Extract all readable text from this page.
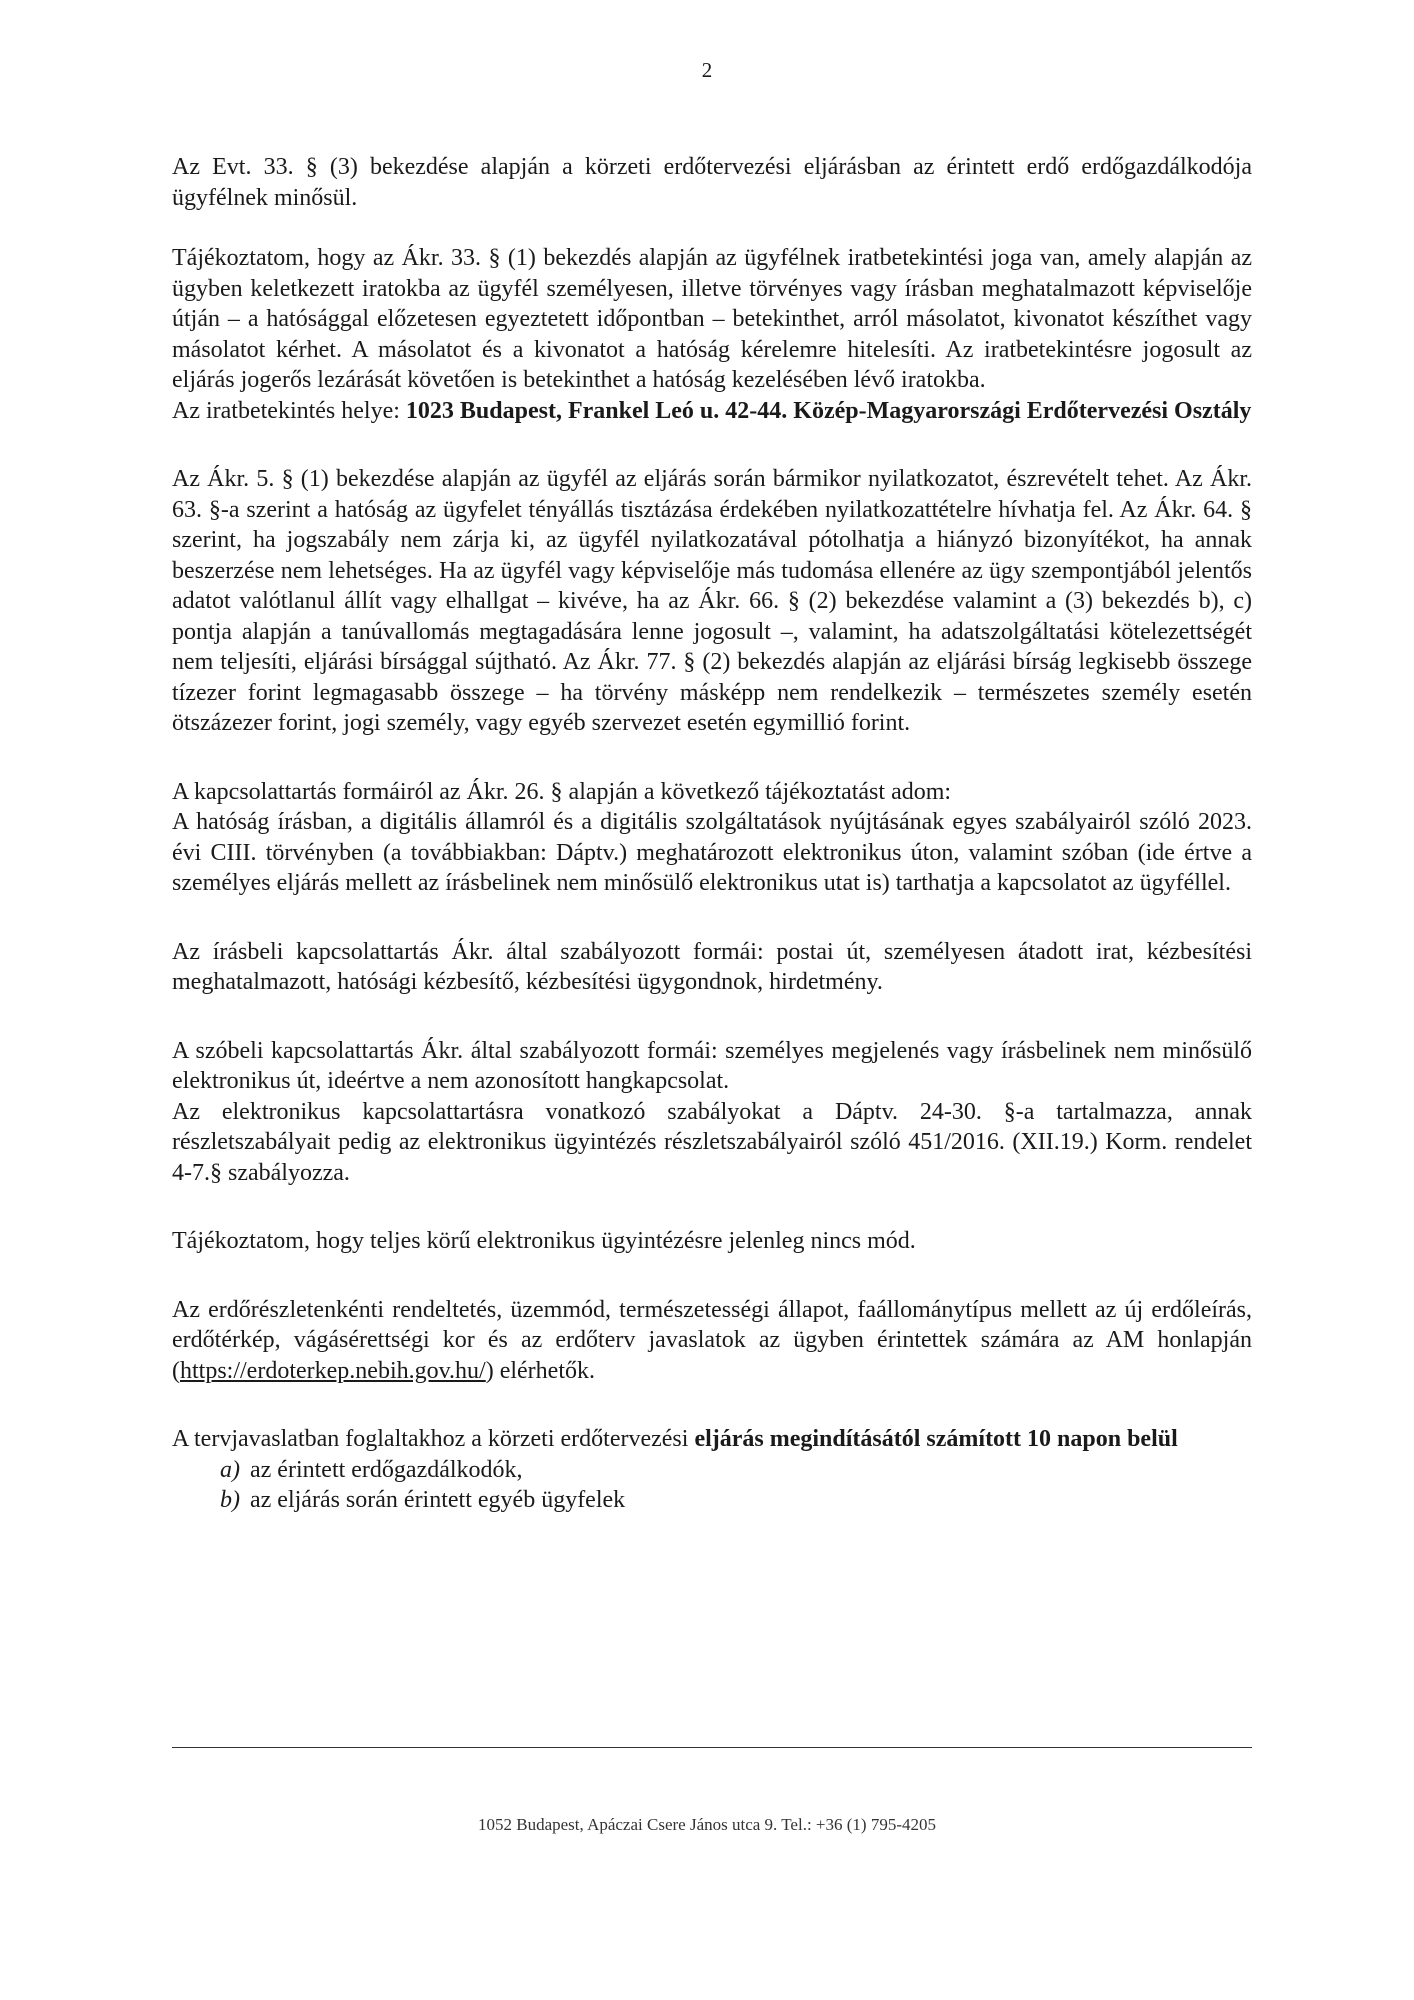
2

Az Evt. 33. § (3) bekezdése alapján a körzeti erdőtervezési eljárásban az érintett erdő erdőgazdálkodója ügyfélnek minősül.

Tájékoztatom, hogy az Ákr. 33. § (1) bekezdés alapján az ügyfélnek iratbetekintési joga van, amely alapján az ügyben keletkezett iratokba az ügyfél személyesen, illetve törvényes vagy írásban meghatalmazott képviselője útján – a hatósággal előzetesen egyeztetett időpontban – betekinthet, arról másolatot, kivonatot készíthet vagy másolatot kérhet. A másolatot és a kivonatot a hatóság kérelemre hitelesíti. Az iratbetekintésre jogosult az eljárás jogerős lezárását követően is betekinthet a hatóság kezelésében lévő iratokba.

Az iratbetekintés helye: 1023 Budapest, Frankel Leó u. 42-44. Közép-Magyarországi Erdőtervezési Osztály

Az Ákr. 5. § (1) bekezdése alapján az ügyfél az eljárás során bármikor nyilatkozatot, észrevételt tehet. Az Ákr. 63. §-a szerint a hatóság az ügyfelet tényállás tisztázása érdekében nyilatkozattételre hívhatja fel. Az Ákr. 64. § szerint, ha jogszabály nem zárja ki, az ügyfél nyilatkozatával pótolhatja a hiányzó bizonyítékot, ha annak beszerzése nem lehetséges. Ha az ügyfél vagy képviselője más tudomása ellenére az ügy szempontjából jelentős adatot valótlanul állít vagy elhallgat – kivéve, ha az Ákr. 66. § (2) bekezdése valamint a (3) bekezdés b), c) pontja alapján a tanúvallomás megtagadására lenne jogosult –, valamint, ha adatszolgáltatási kötelezettségét nem teljesíti, eljárási bírsággal sújtható. Az Ákr. 77. § (2) bekezdés alapján az eljárási bírság legkisebb összege tízezer forint legmagasabb összege – ha törvény másképp nem rendelkezik – természetes személy esetén ötszázezer forint, jogi személy, vagy egyéb szervezet esetén egymillió forint.

A kapcsolattartás formáiról az Ákr. 26. § alapján a következő tájékoztatást adom:

A hatóság írásban, a digitális államról és a digitális szolgáltatások nyújtásának egyes szabályairól szóló 2023. évi CIII. törvényben (a továbbiakban: Dáptv.) meghatározott elektronikus úton, valamint szóban (ide értve a személyes eljárás mellett az írásbelinek nem minősülő elektronikus utat is) tarthatja a kapcsolatot az ügyféllel.

Az írásbeli kapcsolattartás Ákr. által szabályozott formái: postai út, személyesen átadott irat, kézbesítési meghatalmazott, hatósági kézbesítő, kézbesítési ügygondnok, hirdetmény.

A szóbeli kapcsolattartás Ákr. által szabályozott formái: személyes megjelenés vagy írásbelinek nem minősülő elektronikus út, ideértve a nem azonosított hangkapcsolat.

Az elektronikus kapcsolattartásra vonatkozó szabályokat a Dáptv. 24-30. §-a tartalmazza, annak részletszabályait pedig az elektronikus ügyintézés részletszabályairól szóló 451/2016. (XII.19.) Korm. rendelet 4-7.§ szabályozza.

Tájékoztatom, hogy teljes körű elektronikus ügyintézésre jelenleg nincs mód.

Az erdőrészletenkénti rendeltetés, üzemmód, természetességi állapot, faállománytípus mellett az új erdőleírás, erdőtérkép, vágásérettségi kor és az erdőterv javaslatok az ügyben érintettek számára az AM honlapján (https://erdoterkep.nebih.gov.hu/) elérhetők.

A tervjavaslatban foglaltakhoz a körzeti erdőtervezési eljárás megindításától számított 10 napon belül

a) az érintett erdőgazdálkodók,
b) az eljárás során érintett egyéb ügyfelek
1052 Budapest, Apáczai Csere János utca 9. Tel.: +36 (1) 795-4205
